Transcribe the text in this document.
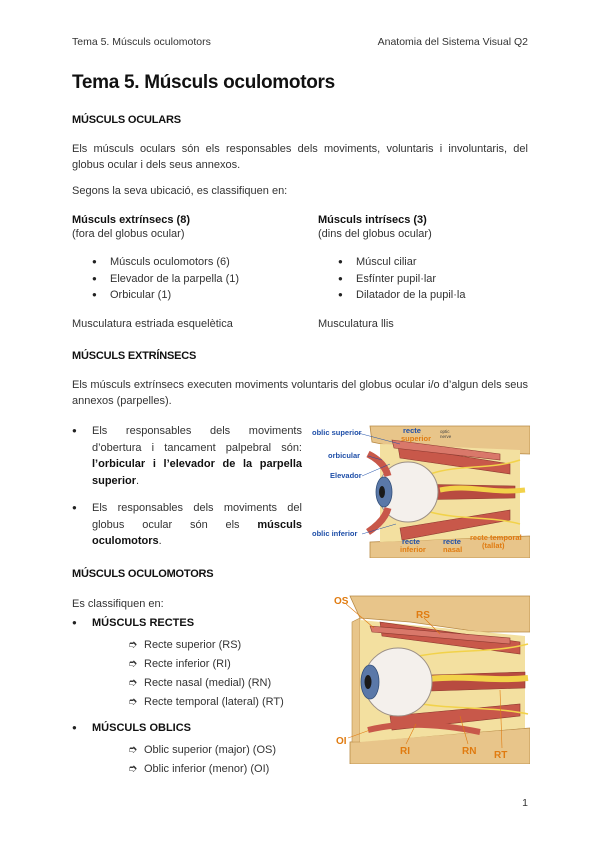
Tema 5. Músculs oculomotors	Anatomia del Sistema Visual Q2
Tema 5. Músculs oculomotors
MÚSCULS OCULARS
Els músculs oculars són els responsables dels moviments, voluntaris i involuntaris, del globus ocular i dels seus annexos.
Segons la seva ubicació, es classifiquen en:
Músculs extrínsecs (8)
(fora del globus ocular)
● Músculs oculomotors (6)
● Elevador de la parpella (1)
● Orbicular (1)
Musculatura estriada esquelètica
Músculs intrísecs (3)
(dins del globus ocular)
● Múscul ciliar
● Esfínter pupil·lar
● Dilatador de la pupil·la
Musculatura llis
MÚSCULS EXTRÍNSECS
Els músculs extrínsecs executen moviments voluntaris del globus ocular i/o d’algun dels seus annexos (parpelles).
● Els responsables dels moviments d’obertura i tancament palpebral són: l’orbicular i l’elevador de la parpella superior.
● Els responsables dels moviments del globus ocular són els músculs oculomotors.
oblic superior	recte
superior
optic
nerve
orbicular
Elevador
oblic inferior
recte
inferior
recte
nasal
recte temporal
(tallat)
MÚSCULS OCULOMOTORS
Es classifiquen en:
● MÚSCULS RECTES
➮ Recte superior (RS)
➮ Recte inferior (RI)
➮ Recte nasal (medial) (RN)
➮ Recte temporal (lateral) (RT)
● MÚSCULS OBLICS
➮ Oblic superior (major) (OS)
➮ Oblic inferior (menor) (OI)
OS
RS
OI
RI	RN RT
1
